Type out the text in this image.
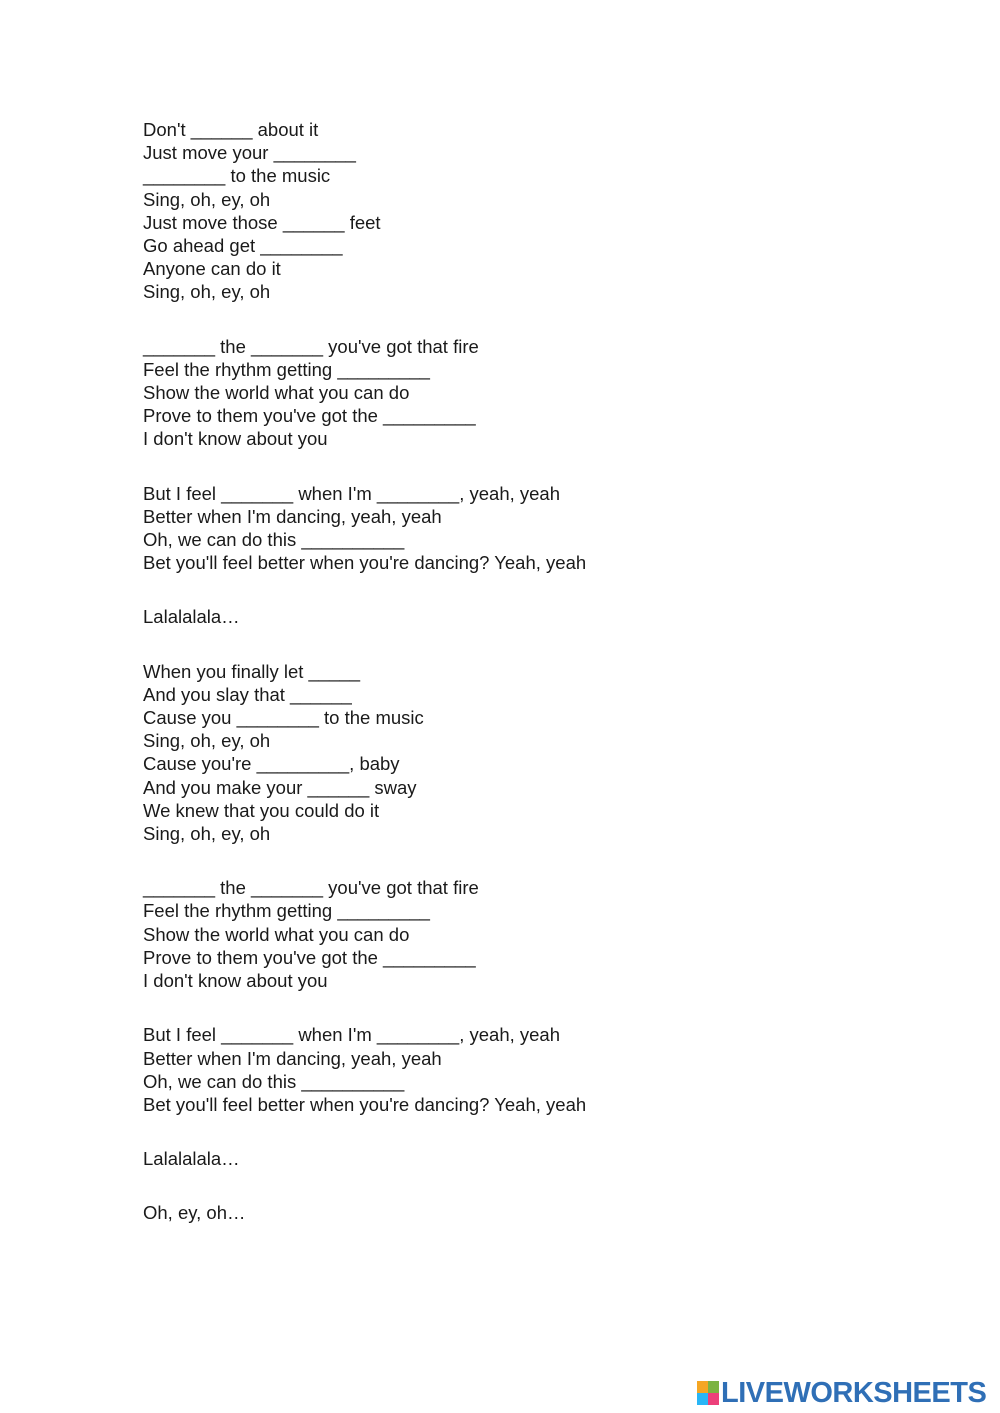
Don't ______ about it
Just move your ________
________ to the music
Sing, oh, ey, oh
Just move those ______ feet
Go ahead get ________
Anyone can do it
Sing, oh, ey, oh
_______ the _______ you've got that fire
Feel the rhythm getting _________
Show the world what you can do
Prove to them you've got the _________
I don't know about you
But I feel _______ when I'm ________, yeah, yeah
Better when I'm dancing, yeah, yeah
Oh, we can do this __________
Bet you'll feel better when you're dancing? Yeah, yeah
Lalalalala…
When you finally let _____
And you slay that ______
Cause you ________ to the music
Sing, oh, ey, oh
Cause you're _________, baby
And you make your ______ sway
We knew that you could do it
Sing, oh, ey, oh
_______ the _______ you've got that fire
Feel the rhythm getting _________
Show the world what you can do
Prove to them you've got the _________
I don't know about you
But I feel _______ when I'm ________, yeah, yeah
Better when I'm dancing, yeah, yeah
Oh, we can do this __________
Bet you'll feel better when you're dancing? Yeah, yeah
Lalalalala…
Oh, ey, oh…
LIVEWORKSHEETS
